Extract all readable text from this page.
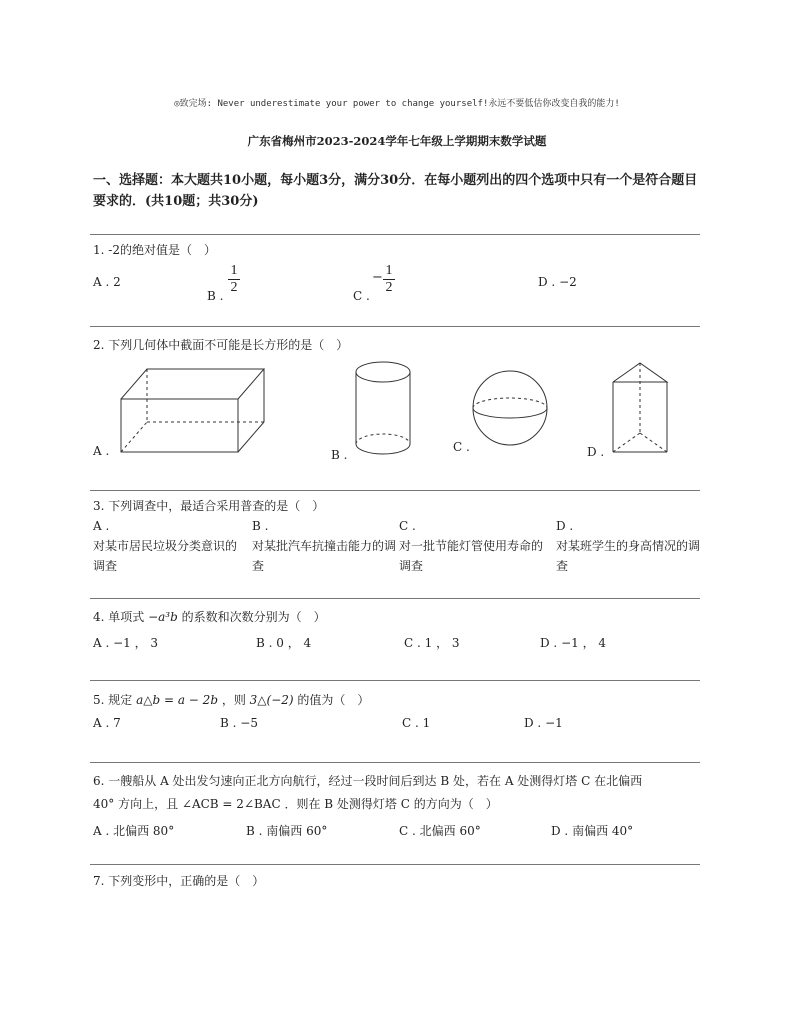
◎致完场: Never underestimate your power to change yourself!永远不要低估你改变自我的能力!
广东省梅州市2023-2024学年七年级上学期期末数学试题
一、选择题：本大题共10小题，每小题3分，满分30分．在每小题列出的四个选项中只有一个是符合题目要求的．(共10题；共30分)
1. -2的绝对值是（　）
A . 2
B .
1
2
C .
− 1
2	D . −2
2. 下列几何体中截面不可能是长方形的是（　）
A .	B .
C .	D .
3. 下列调查中，最适合采用普查的是（　）
A .
对某市居民垃圾分类意识的调查
B .
对某批汽车抗撞击能力的调查
C .
对一批节能灯管使用寿命的调查
D .
对某班学生的身高情况的调查
4. 单项式 −a³b 的系数和次数分别为（　）
A . −1 ， 3	B . 0 ， 4	C . 1 ， 3	D . −1 ， 4
5. 规定 a△b = a − 2b ，则 3△(−2) 的值为（　）
A . 7	B . −5	C . 1	D . −1
6. 一艘船从 A 处出发匀速向正北方向航行，经过一段时间后到达 B 处，若在 A 处测得灯塔 C 在北偏西
40° 方向上，且 ∠ACB = 2∠BAC ．则在 B 处测得灯塔 C 的方向为（　）
A . 北偏西 80°	B . 南偏西 60°	C . 北偏西 60°	D . 南偏西 40°
7. 下列变形中，正确的是（　）
